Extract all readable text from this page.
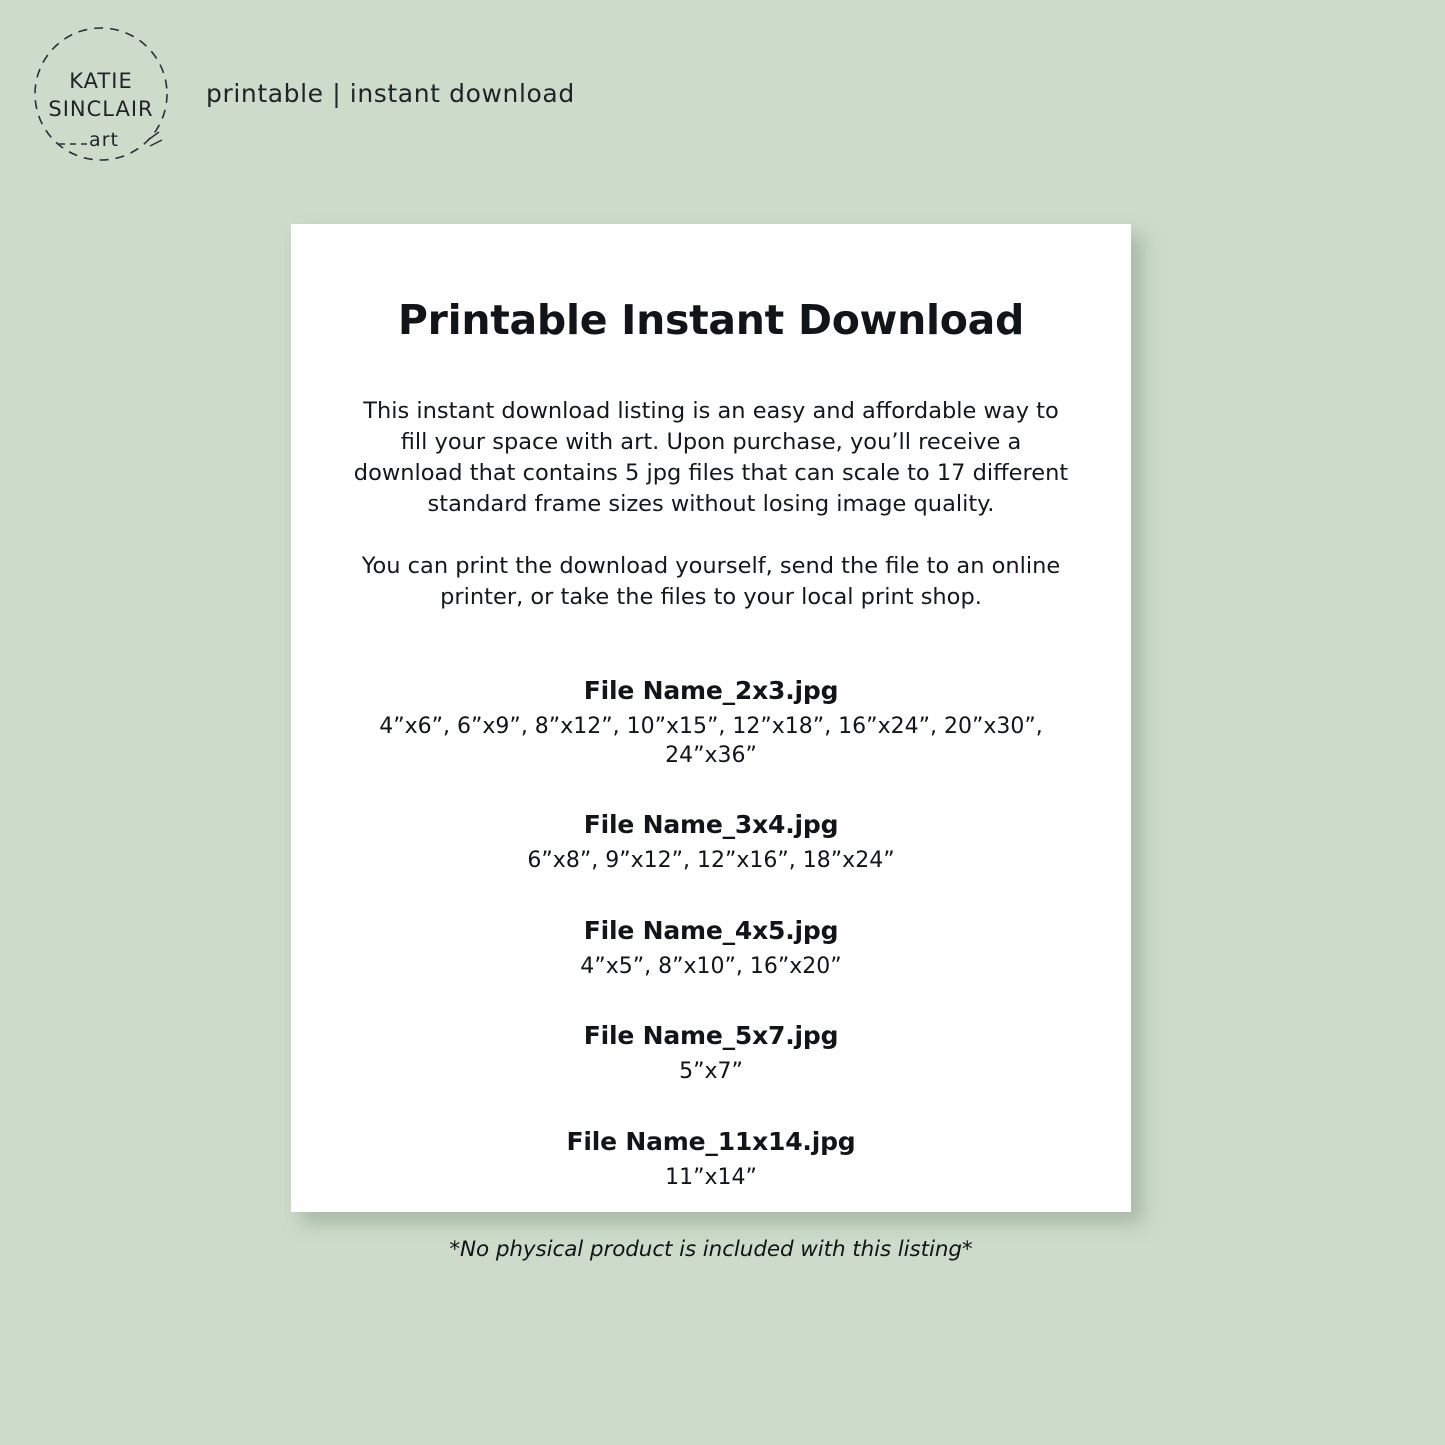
KATIE
SINCLAIR
art
printable | instant download
Printable Instant Download

This instant download listing is an easy and affordable way to fill your space with art. Upon purchase, you’ll receive a download that contains 5 jpg files that can scale to 17 different standard frame sizes without losing image quality.

You can print the download yourself, send the file to an online printer, or take the files to your local print shop.

File Name_2x3.jpg
4”x6”, 6”x9”, 8”x12”, 10”x15”, 12”x18”, 16”x24”, 20”x30”, 24”x36”
File Name_3x4.jpg
6”x8”, 9”x12”, 12”x16”, 18”x24”
File Name_4x5.jpg
4”x5”, 8”x10”, 16”x20”
File Name_5x7.jpg
5”x7”
File Name_11x14.jpg
11”x14”
*No physical product is included with this listing*
